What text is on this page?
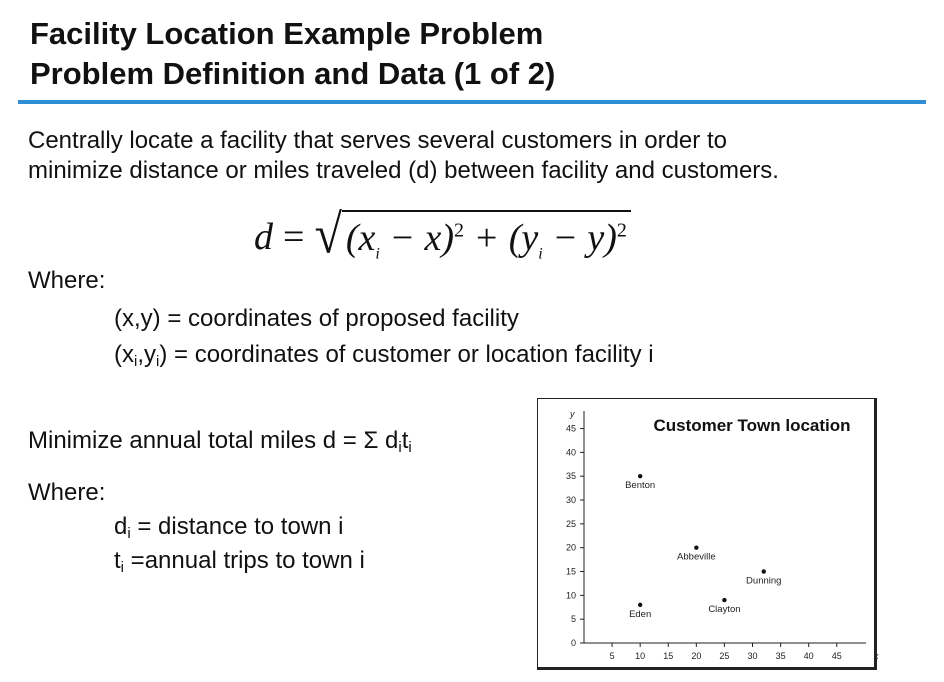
Facility Location Example Problem
Problem Definition and Data (1 of 2)
Centrally locate a facility that serves several customers in order to
minimize distance or miles traveled (d) between facility and customers.
d = √ $(x_i - x)^2 + (y_i - y)^2$
Where:
(x,y) = coordinates of proposed facility
$(x_i,y_i)$ = coordinates of customer or location facility i
Minimize annual total miles d = Σ $d_it_i$
Where:
$d_i$ = distance to town i
$t_i$ =annual trips to town i
y
x
Customer Town location
0
5
10
15
20
25
30
35
40
45
5 10 15 20 25 30 35 40 45
Benton
Abbeville
Dunning
Clayton
Eden
